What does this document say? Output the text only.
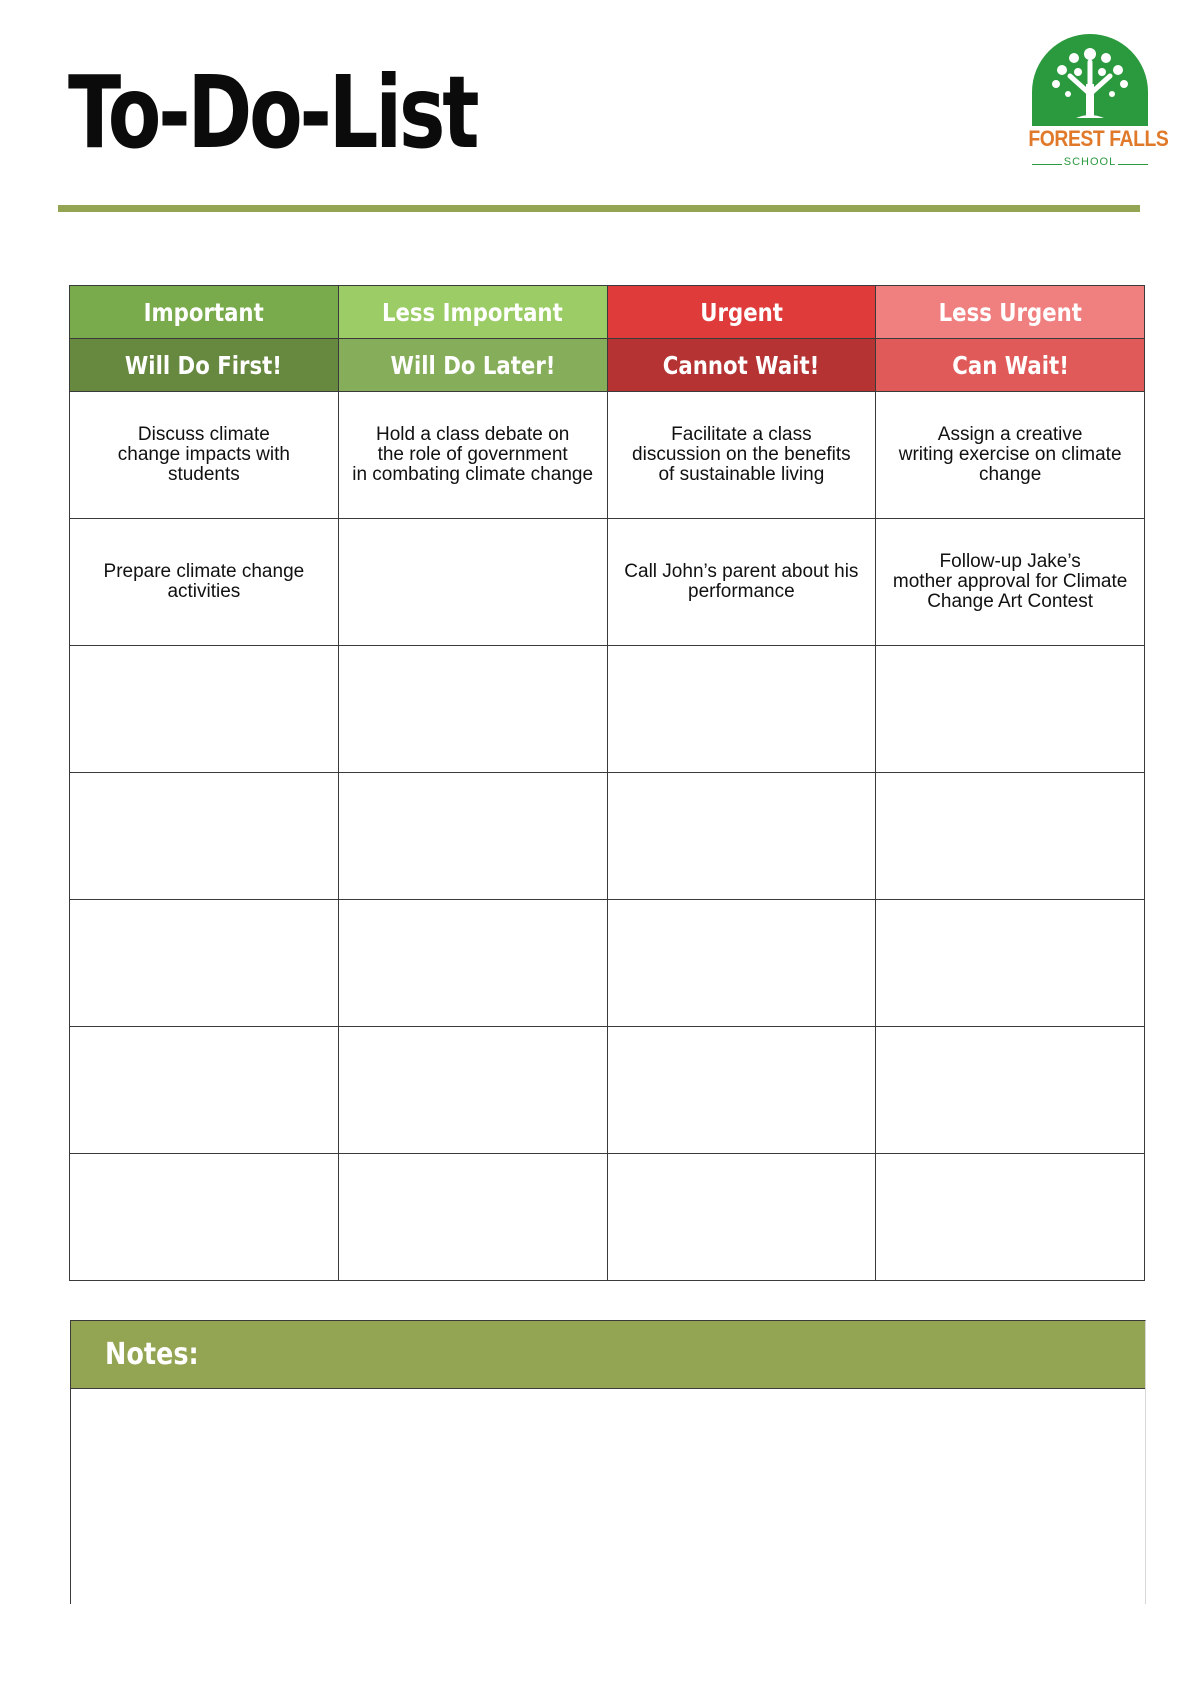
To-Do-List	FOREST FALLS
SCHOOL
Important	Less Important	Urgent	Less Urgent
Will Do First!	Will Do Later!	Cannot Wait!	Can Wait!
Discuss climate
change impacts with
students	Hold a class debate on
the role of government
in combating climate change	Facilitate a class
discussion on the benefits
of sustainable living	Assign a creative
writing exercise on climate
change
Prepare climate change
activities		Call John’s parent about his
performance	Follow-up Jake’s
mother approval for Climate
Change Art Contest

Notes:
